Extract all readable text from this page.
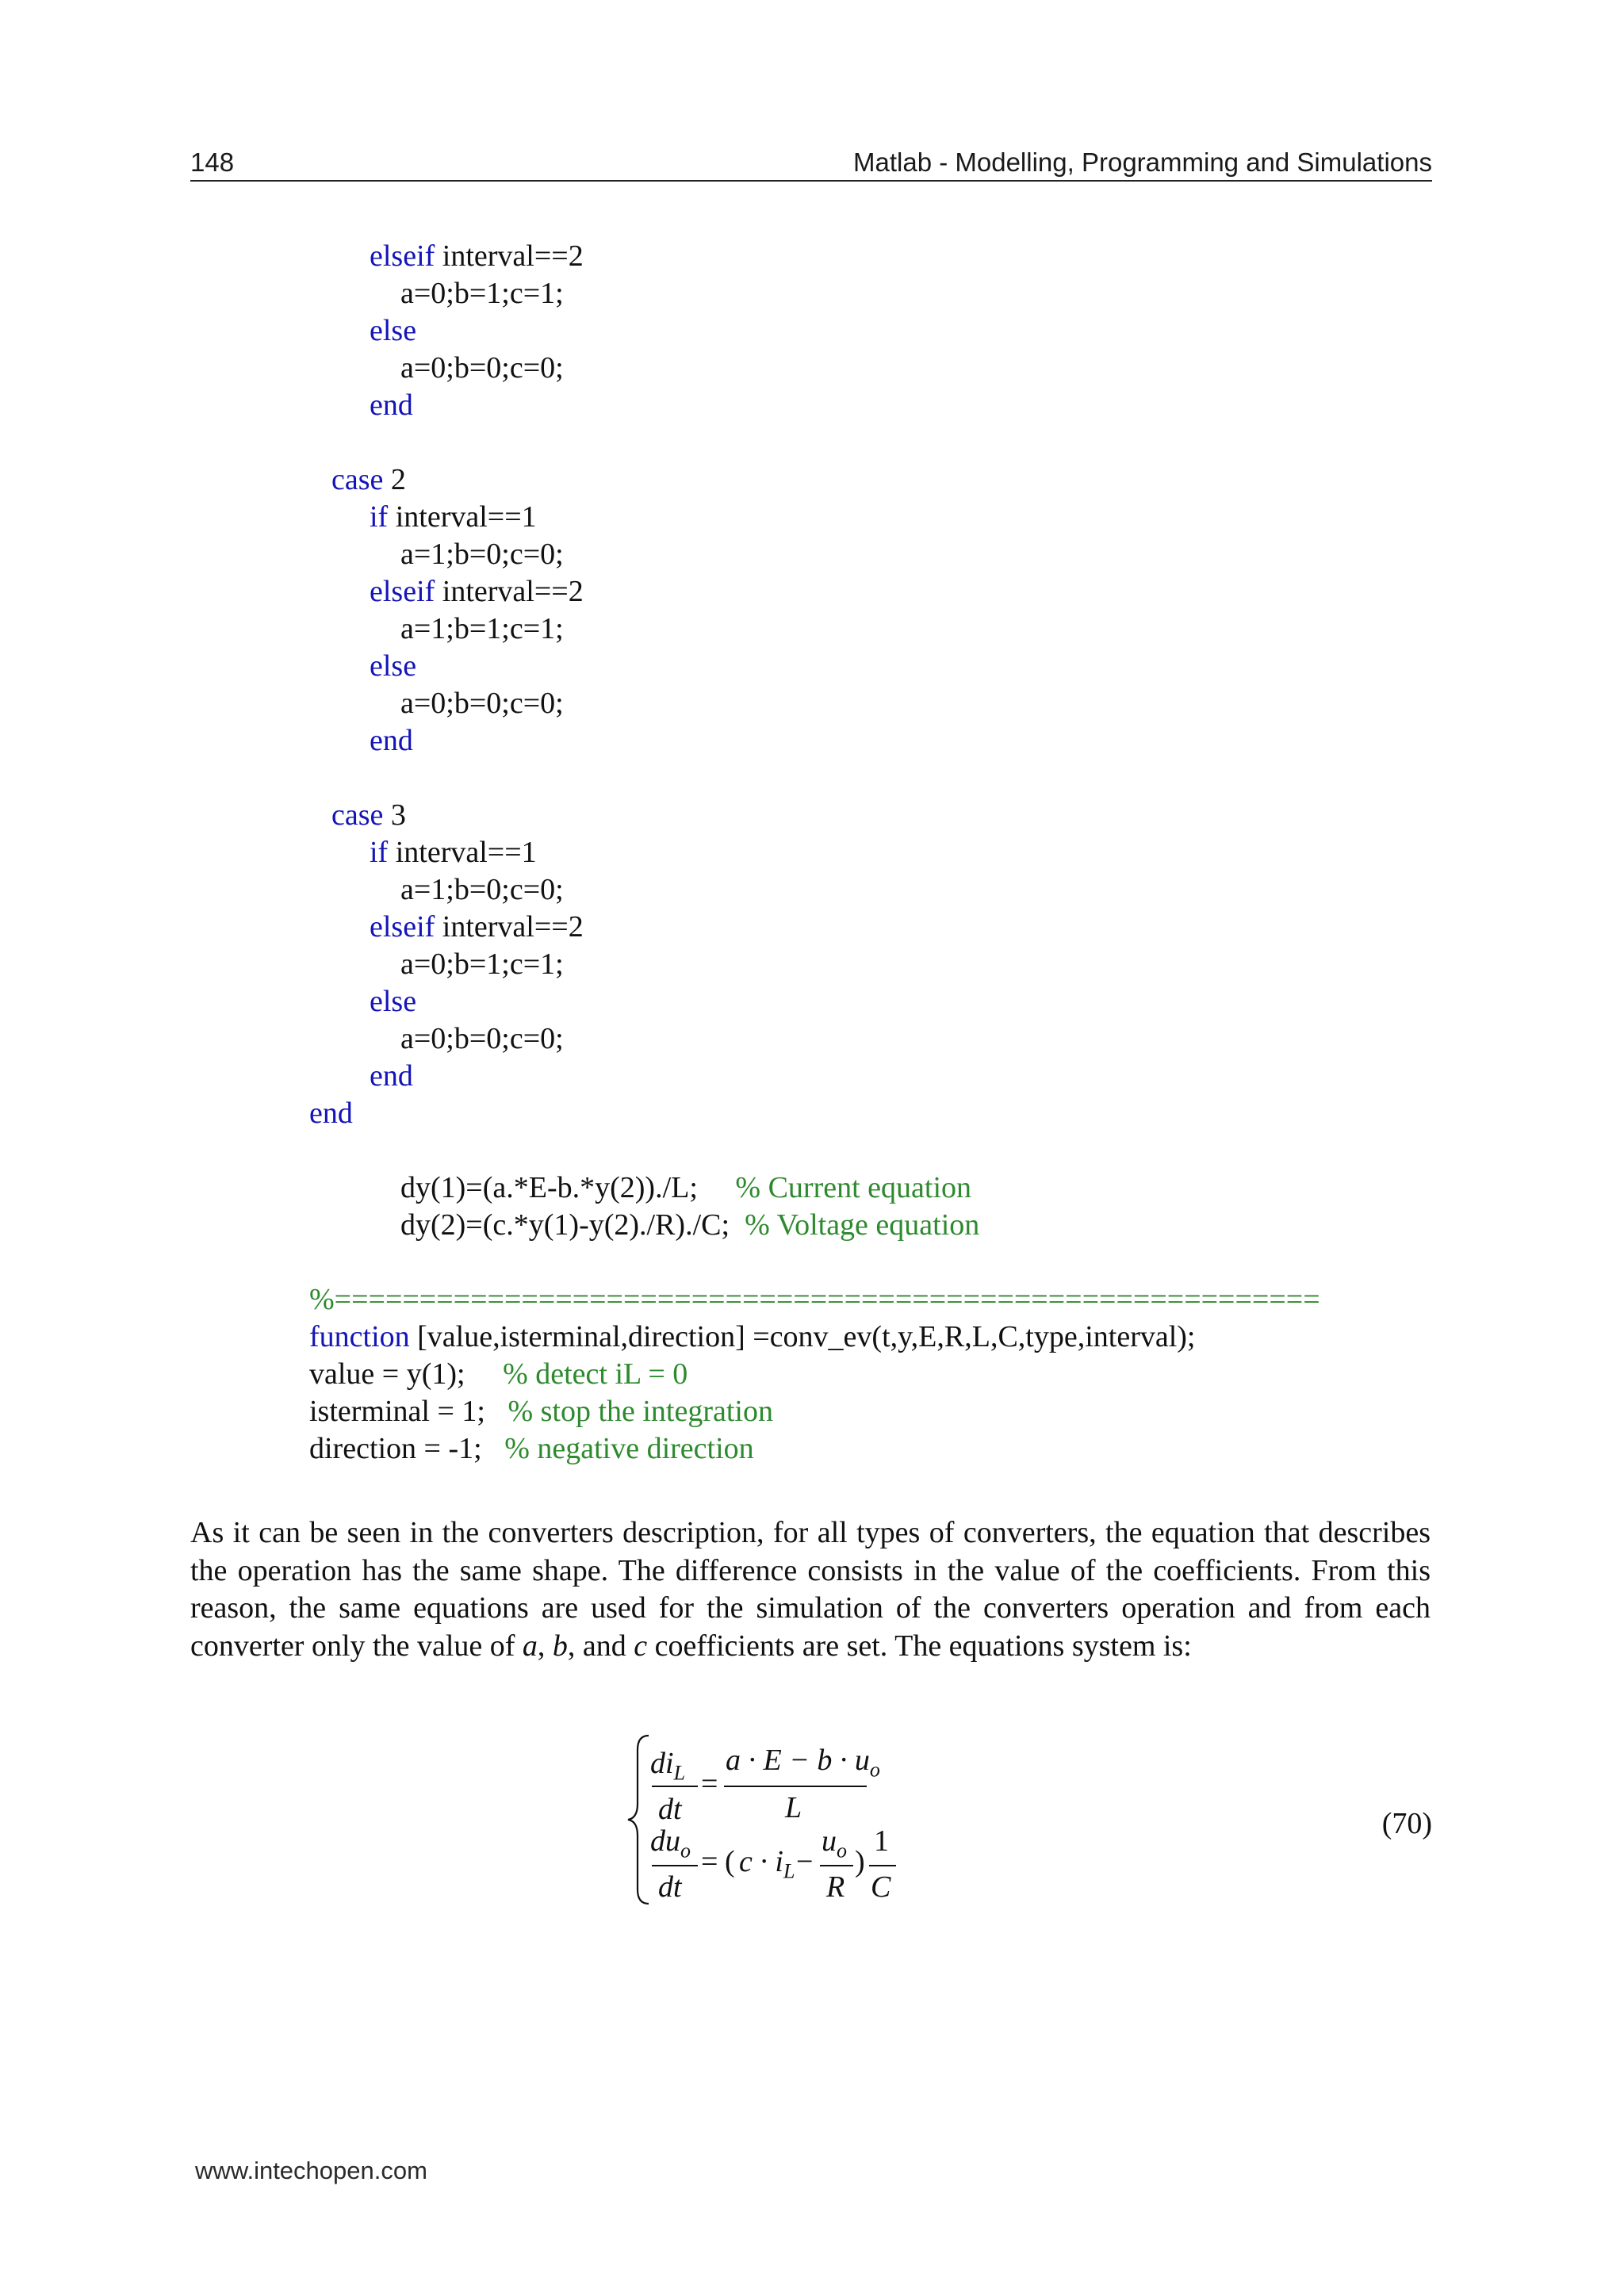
148	Matlab - Modelling, Programming and Simulations
elseif interval==2
a=0;b=1;c=1;
else
a=0;b=0;c=0;
end
case 2
if interval==1
a=1;b=0;c=0;
elseif interval==2
a=1;b=1;c=1;
else
a=0;b=0;c=0;
end
case 3
if interval==1
a=1;b=0;c=0;
elseif interval==2
a=0;b=1;c=1;
else
a=0;b=0;c=0;
end
end
dy(1)=(a.*E-b.*y(2))./L;     % Current equation
dy(2)=(c.*y(1)-y(2)./R)./C;  % Voltage equation
%==========================================================
function [value,isterminal,direction] =conv_ev(t,y,E,R,L,C,type,interval);
value = y(1);     % detect iL = 0
isterminal = 1;   % stop the integration
direction = -1;   % negative direction
As it can be seen in the converters description, for all types of converters, the equation that describes the operation has the same shape. The difference consists in the value of the coefficients. From this reason, the same equations are used for the simulation of the converters operation and from each converter only the value of a, b, and c coefficients are set. The equations system is:
$di_L$
dt
=
$a \cdot E - b \cdot u_o$
L
$du_o$
dt
= ( $c \cdot i_L$ −
$u_o$
R
)
1
C
(70)
www.intechopen.com
